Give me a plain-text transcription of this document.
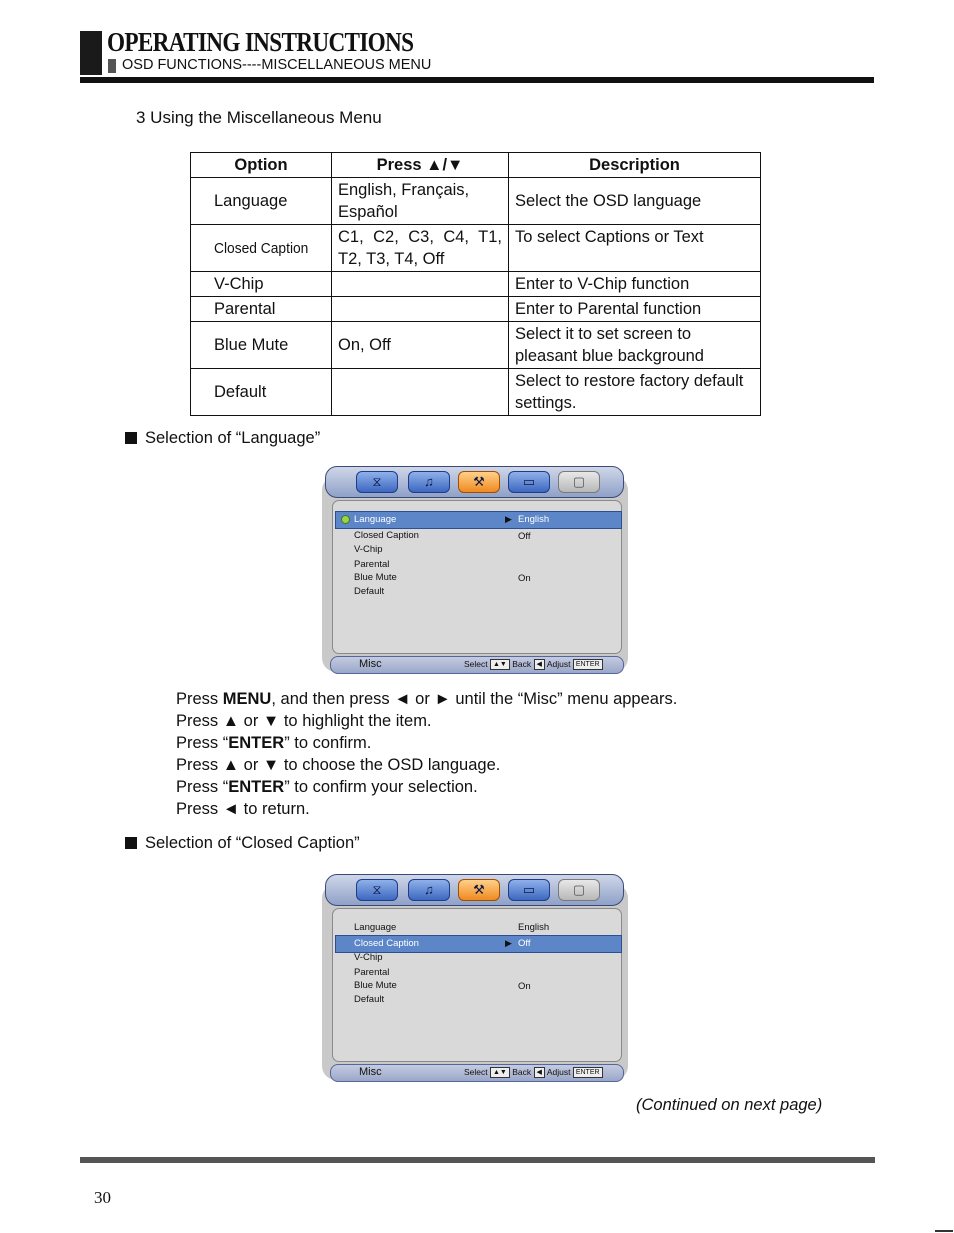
OPERATING INSTRUCTIONS
OSD FUNCTIONS----MISCELLANEOUS MENU
3 Using the Miscellaneous Menu
Option	Press ▲/▼	Description
Language	English, Français, Español	Select the OSD language
Closed Caption	C1, C2, C3, C4, T1, T2, T3, T4, Off	To select Captions or Text
V-Chip		Enter to V-Chip function
Parental		Enter to Parental function
Blue Mute	On, Off	Select it to set screen to pleasant blue background
Default		Select to restore factory default settings.
Selection of “Language”
⧖	♫	⚒	▭	▢
Language	▶ English
Closed Caption	Off
V-Chip
Parental
Blue Mute	On
Default
Misc	Select ▲▼ Back ◀ Adjust ENTER
Press MENU, and then press ◄ or ► until the “Misc” menu appears.
Press ▲ or ▼ to highlight the item.
Press “ENTER” to confirm.
Press ▲ or ▼ to choose the OSD language.
Press “ENTER” to confirm your selection.
Press ◄ to return.
Selection of “Closed Caption”
⧖	♫	⚒	▭	▢
Language	English
Closed Caption	▶ Off
V-Chip
Parental
Blue Mute	On
Default
Misc	Select ▲▼ Back ◀ Adjust ENTER
(Continued on next page)
30
